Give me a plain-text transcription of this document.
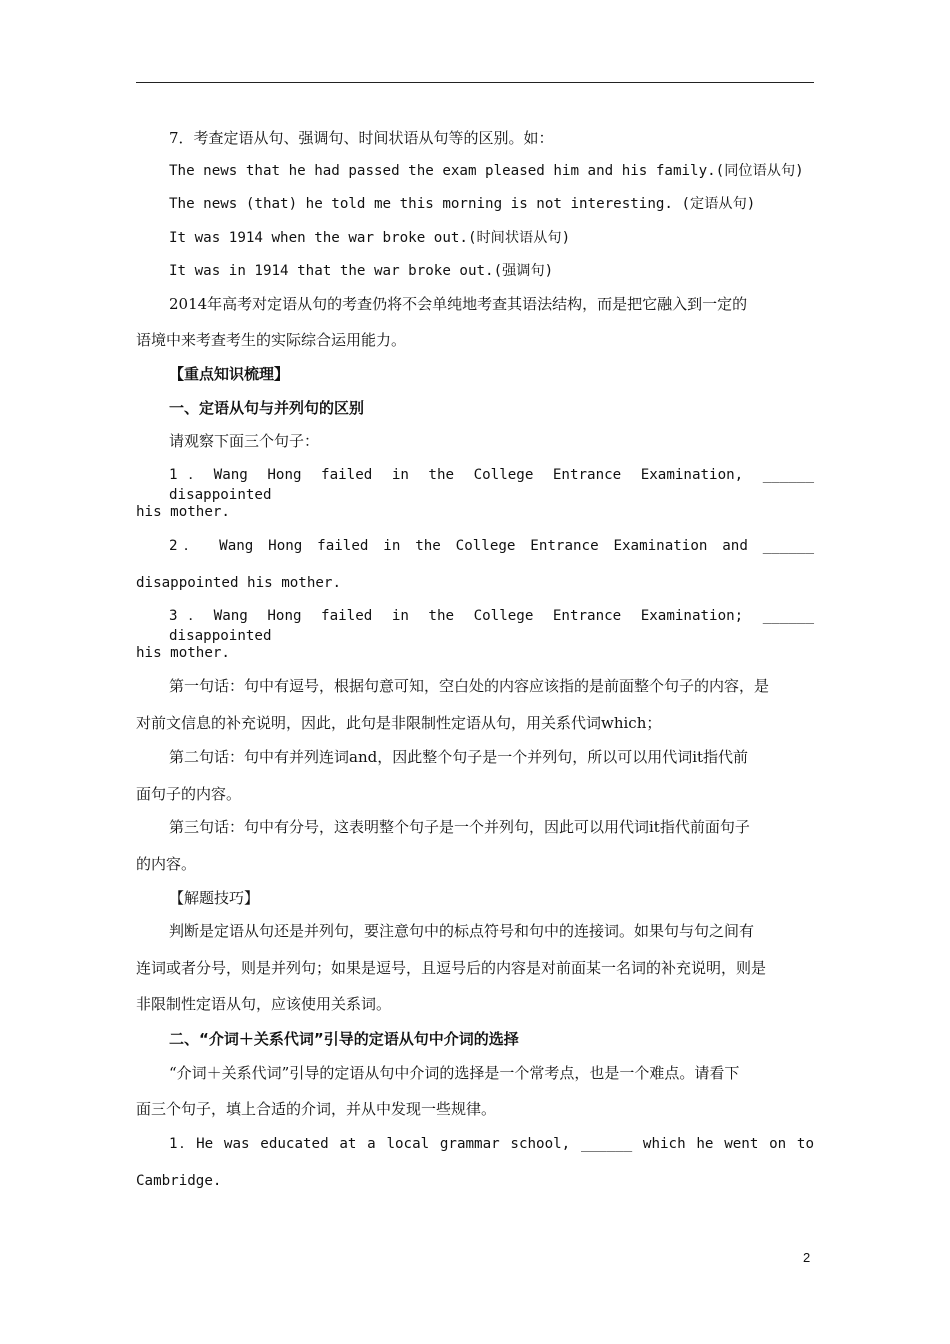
7．考查定语从句、强调句、时间状语从句等的区别。如：
The news that he had passed the exam pleased him and his family.(同位语从句)
The news (that) he told me this morning is not interesting. (定语从句)
It was 1914 when the war broke out.(时间状语从句)
It was in 1914 that the war broke out.(强调句)
2014年高考对定语从句的考查仍将不会单纯地考查其语法结构，而是把它融入到一定的
语境中来考查考生的实际综合运用能力。
【重点知识梳理】
一、定语从句与并列句的区别
请观察下面三个句子：
1．Wang Hong failed in the College Entrance Examination, ______ disappointed
his mother.
2． Wang Hong failed in the College Entrance Examination and ______
disappointed his mother.
3．Wang Hong failed in the College Entrance Examination; ______ disappointed
his mother.
第一句话：句中有逗号，根据句意可知，空白处的内容应该指的是前面整个句子的内容，是
对前文信息的补充说明，因此，此句是非限制性定语从句，用关系代词which；
第二句话：句中有并列连词and，因此整个句子是一个并列句，所以可以用代词it指代前
面句子的内容。
第三句话：句中有分号，这表明整个句子是一个并列句，因此可以用代词it指代前面句子
的内容。
【解题技巧】
判断是定语从句还是并列句，要注意句中的标点符号和句中的连接词。如果句与句之间有
连词或者分号，则是并列句；如果是逗号，且逗号后的内容是对前面某一名词的补充说明，则是
非限制性定语从句，应该使用关系词。
二、“介词＋关系代词”引导的定语从句中介词的选择
“介词＋关系代词”引导的定语从句中介词的选择是一个常考点，也是一个难点。请看下
面三个句子，填上合适的介词，并从中发现一些规律。
1．He was educated at a local grammar school, ______ which he went on to
Cambridge.
2
